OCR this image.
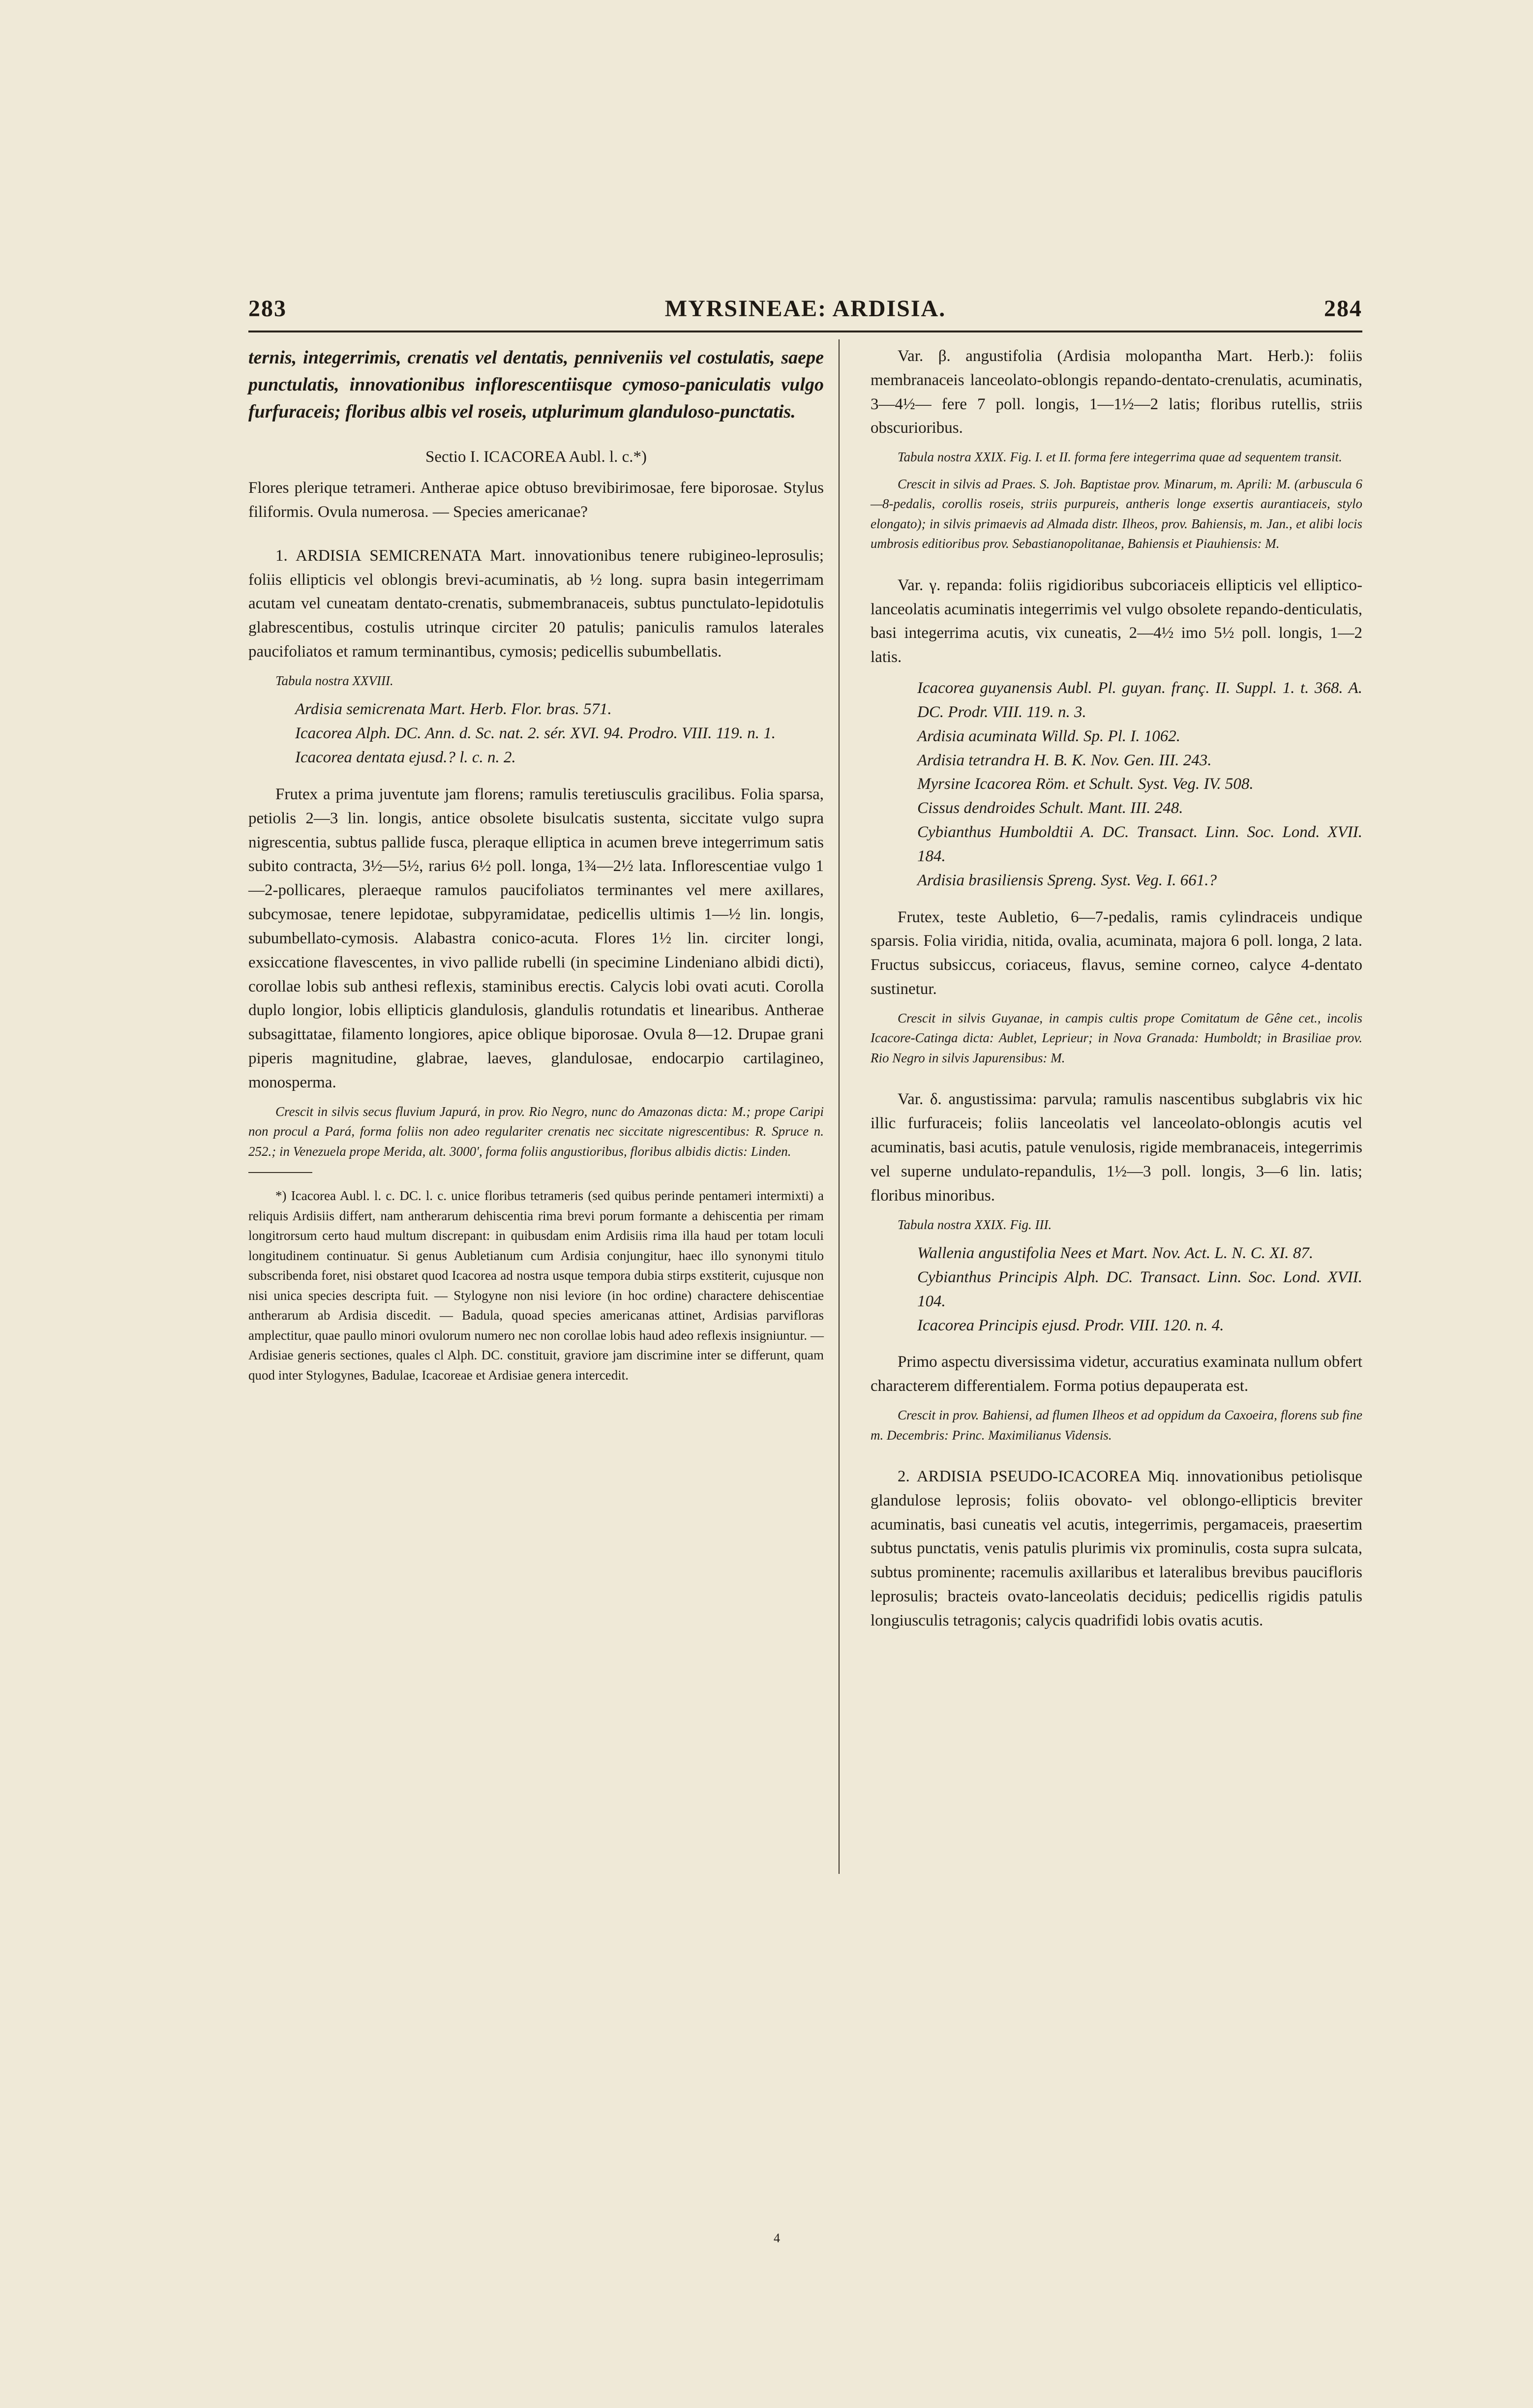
283	MYRSINEAE: ARDISIA.	284

ternis, integerrimis, crenatis vel dentatis, penniveniis vel costulatis, saepe punctulatis, innovationibus inflorescentiisque cymoso-paniculatis vulgo furfuraceis; floribus albis vel roseis, utplurimum glanduloso-punctatis.

Sectio I. ICACOREA Aubl. l. c.*)

Flores plerique tetrameri. Antherae apice obtuso brevibirimosae, fere biporosae. Stylus filiformis. Ovula numerosa. — Species americanae?

1. ARDISIA SEMICRENATA Mart. innovationibus tenere rubigineo-leprosulis; foliis ellipticis vel oblongis brevi-acuminatis, ab ½ long. supra basin integerrimam acutam vel cuneatam dentato-crenatis, submembranaceis, subtus punctulato-lepidotulis glabrescentibus, costulis utrinque circiter 20 patulis; paniculis ramulos laterales paucifoliatos et ramum terminantibus, cymosis; pedicellis subumbellatis.

Tabula nostra XXVIII.

Ardisia semicrenata Mart. Herb. Flor. bras. 571.

Icacorea Alph. DC. Ann. d. Sc. nat. 2. sér. XVI. 94. Prodro. VIII. 119. n. 1.

Icacorea dentata ejusd.? l. c. n. 2.

Frutex a prima juventute jam florens; ramulis teretiusculis gracilibus. Folia sparsa, petiolis 2—3 lin. longis, antice obsolete bisulcatis sustenta, siccitate vulgo supra nigrescentia, subtus pallide fusca, pleraque elliptica in acumen breve integerrimum satis subito contracta, 3½—5½, rarius 6½ poll. longa, 1¾—2½ lata. Inflorescentiae vulgo 1—2-pollicares, pleraeque ramulos paucifoliatos terminantes vel mere axillares, subcymosae, tenere lepidotae, subpyramidatae, pedicellis ultimis 1—½ lin. longis, subumbellato-cymosis. Alabastra conico-acuta. Flores 1½ lin. circiter longi, exsiccatione flavescentes, in vivo pallide rubelli (in specimine Lindeniano albidi dicti), corollae lobis sub anthesi reflexis, staminibus erectis. Calycis lobi ovati acuti. Corolla duplo longior, lobis ellipticis glandulosis, glandulis rotundatis et linearibus. Antherae subsagittatae, filamento longiores, apice oblique biporosae. Ovula 8—12. Drupae grani piperis magnitudine, glabrae, laeves, glandulosae, endocarpio cartilagineo, monosperma.

Crescit in silvis secus fluvium Japurá, in prov. Rio Negro, nunc do Amazonas dicta: M.; prope Caripi non procul a Pará, forma foliis non adeo regulariter crenatis nec siccitate nigrescentibus: R. Spruce n. 252.; in Venezuela prope Merida, alt. 3000', forma foliis angustioribus, floribus albidis dictis: Linden.

*) Icacorea Aubl. l. c. DC. l. c. unice floribus tetrameris (sed quibus perinde pentameri intermixti) a reliquis Ardisiis differt, nam antherarum dehiscentia rima brevi porum formante a dehiscentia per rimam longitrorsum certo haud multum discrepant: in quibusdam enim Ardisiis rima illa haud per totam loculi longitudinem continuatur. Si genus Aubletianum cum Ardisia conjungitur, haec illo synonymi titulo subscribenda foret, nisi obstaret quod Icacorea ad nostra usque tempora dubia stirps exstiterit, cujusque non nisi unica species descripta fuit. — Stylogyne non nisi leviore (in hoc ordine) charactere dehiscentiae antherarum ab Ardisia discedit. — Badula, quoad species americanas attinet, Ardisias parvifloras amplectitur, quae paullo minori ovulorum numero nec non corollae lobis haud adeo reflexis insigniuntur. — Ardisiae generis sectiones, quales cl Alph. DC. constituit, graviore jam discrimine inter se differunt, quam quod inter Stylogynes, Badulae, Icacoreae et Ardisiae genera intercedit.

Var. β. angustifolia (Ardisia molopantha Mart. Herb.): foliis membranaceis lanceolato-oblongis repando-dentato-crenulatis, acuminatis, 3—4½— fere 7 poll. longis, 1—1½—2 latis; floribus rutellis, striis obscurioribus.

Tabula nostra XXIX. Fig. I. et II. forma fere integerrima quae ad sequentem transit.

Crescit in silvis ad Praes. S. Joh. Baptistae prov. Minarum, m. Aprili: M. (arbuscula 6—8-pedalis, corollis roseis, striis purpureis, antheris longe exsertis aurantiaceis, stylo elongato); in silvis primaevis ad Almada distr. Ilheos, prov. Bahiensis, m. Jan., et alibi locis umbrosis editioribus prov. Sebastianopolitanae, Bahiensis et Piauhiensis: M.

Var. γ. repanda: foliis rigidioribus subcoriaceis ellipticis vel elliptico-lanceolatis acuminatis integerrimis vel vulgo obsolete repando-denticulatis, basi integerrima acutis, vix cuneatis, 2—4½ imo 5½ poll. longis, 1—2 latis.

Icacorea guyanensis Aubl. Pl. guyan. franç. II. Suppl. 1. t. 368. A. DC. Prodr. VIII. 119. n. 3.

Ardisia acuminata Willd. Sp. Pl. I. 1062.

Ardisia tetrandra H. B. K. Nov. Gen. III. 243.

Myrsine Icacorea Röm. et Schult. Syst. Veg. IV. 508.

Cissus dendroides Schult. Mant. III. 248.

Cybianthus Humboldtii A. DC. Transact. Linn. Soc. Lond. XVII. 184.

Ardisia brasiliensis Spreng. Syst. Veg. I. 661.?

Frutex, teste Aubletio, 6—7-pedalis, ramis cylindraceis undique sparsis. Folia viridia, nitida, ovalia, acuminata, majora 6 poll. longa, 2 lata. Fructus subsiccus, coriaceus, flavus, semine corneo, calyce 4-dentato sustinetur.

Crescit in silvis Guyanae, in campis cultis prope Comitatum de Gêne cet., incolis Icacore-Catinga dicta: Aublet, Leprieur; in Nova Granada: Humboldt; in Brasiliae prov. Rio Negro in silvis Japurensibus: M.

Var. δ. angustissima: parvula; ramulis nascentibus subglabris vix hic illic furfuraceis; foliis lanceolatis vel lanceolato-oblongis acutis vel acuminatis, basi acutis, patule venulosis, rigide membranaceis, integerrimis vel superne undulato-repandulis, 1½—3 poll. longis, 3—6 lin. latis; floribus minoribus.

Tabula nostra XXIX. Fig. III.

Wallenia angustifolia Nees et Mart. Nov. Act. L. N. C. XI. 87.

Cybianthus Principis Alph. DC. Transact. Linn. Soc. Lond. XVII. 104.

Icacorea Principis ejusd. Prodr. VIII. 120. n. 4.

Primo aspectu diversissima videtur, accuratius examinata nullum obfert characterem differentialem. Forma potius depauperata est.

Crescit in prov. Bahiensi, ad flumen Ilheos et ad oppidum da Caxoeira, florens sub fine m. Decembris: Princ. Maximilianus Vidensis.

2. ARDISIA PSEUDO-ICACOREA Miq. innovationibus petiolisque glandulose leprosis; foliis obovato- vel oblongo-ellipticis breviter acuminatis, basi cuneatis vel acutis, integerrimis, pergamaceis, praesertim subtus punctatis, venis patulis plurimis vix prominulis, costa supra sulcata, subtus prominente; racemulis axillaribus et lateralibus brevibus paucifloris leprosulis; bracteis ovato-lanceolatis deciduis; pedicellis rigidis patulis longiusculis tetragonis; calycis quadrifidi lobis ovatis acutis.

4
